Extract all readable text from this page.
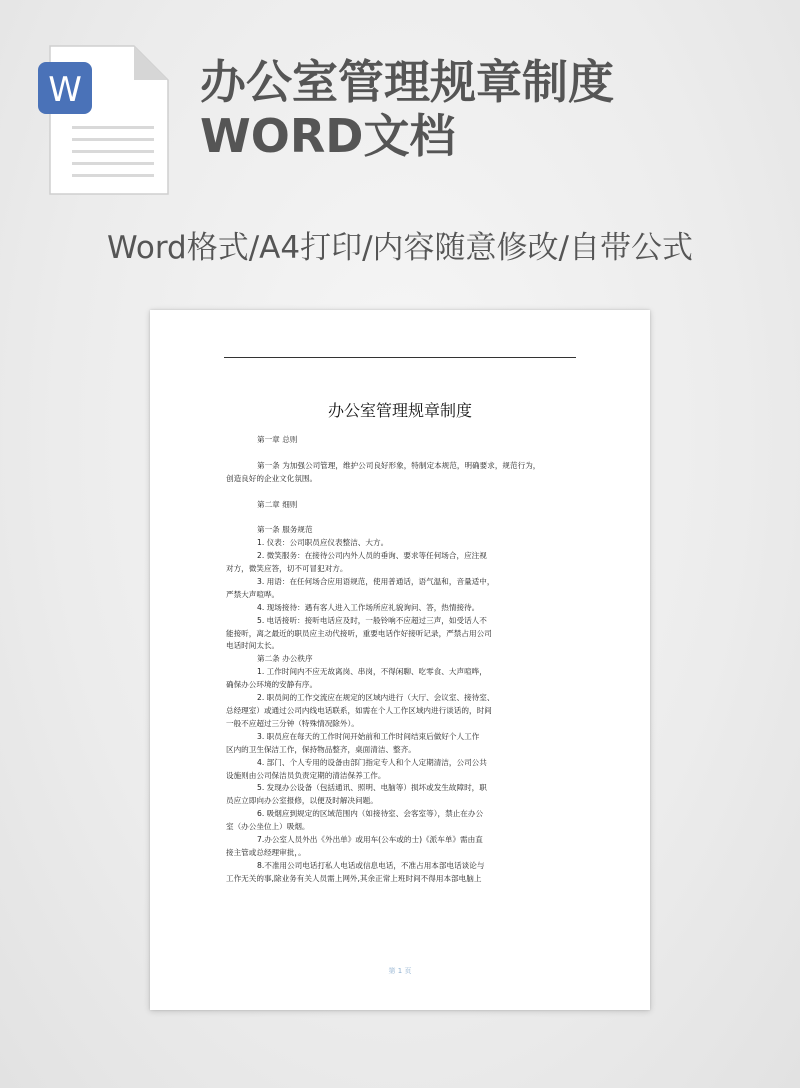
W	办公室管理规章制度
WORD文档
Word格式/A4打印/内容随意修改/自带公式
办公室管理规章制度

第一章 总则

第一条 为加强公司管理，维护公司良好形象，特制定本规范，明确要求，规范行为，

创造良好的企业文化氛围。

第二章 细则

第一条 服务规范

1. 仪表：公司职员应仪表整洁、大方。

2. 微笑服务：在接待公司内外人员的垂询、要求等任何场合，应注视

对方，微笑应答，切不可冒犯对方。

3. 用语：在任何场合应用语规范，使用普通话，语气温和，音量适中，

严禁大声喧哗。

4. 现场接待：遇有客人进入工作场所应礼貌询问、答，热情接待。

5. 电话接听：接听电话应及时，一般铃响不应超过三声，如受话人不

能接听，离之最近的职员应主动代接听，重要电话作好接听记录，严禁占用公司

电话时间太长。

第二条 办公秩序

1. 工作时间内不应无故离岗、串岗，不得闲聊、吃零食、大声喧哗，

确保办公环境的安静有序。

2. 职员间的工作交流应在规定的区域内进行（大厅、会议室、接待室、

总经理室）或通过公司内线电话联系，如需在个人工作区域内进行谈话的，时间

一般不应超过三分钟（特殊情况除外）。

3. 职员应在每天的工作时间开始前和工作时间结束后做好个人工作

区内的卫生保洁工作，保持物品整齐，桌面清洁、整齐。

4. 部门、个人专用的设备由部门指定专人和个人定期清洁，公司公共

设施则由公司保洁员负责定期的清洁保养工作。

5. 发现办公设备（包括通讯、照明、电脑等）损坏或发生故障时，职

员应立即向办公室报修，以便及时解决问题。

6. 吸烟应到规定的区域范围内（如接待室、会客室等），禁止在办公

室（办公坐位上）吸烟。

7.办公室人员外出《外出单》或用车(公车或的士)《派车单》需由直

接主管或总经理审批，。

8.不准用公司电话打私人电话或信息电话，不准占用本部电话谈论与

工作无关的事,除业务有关人员需上网外,其余正常上班时间不得用本部电脑上

第 1 页
